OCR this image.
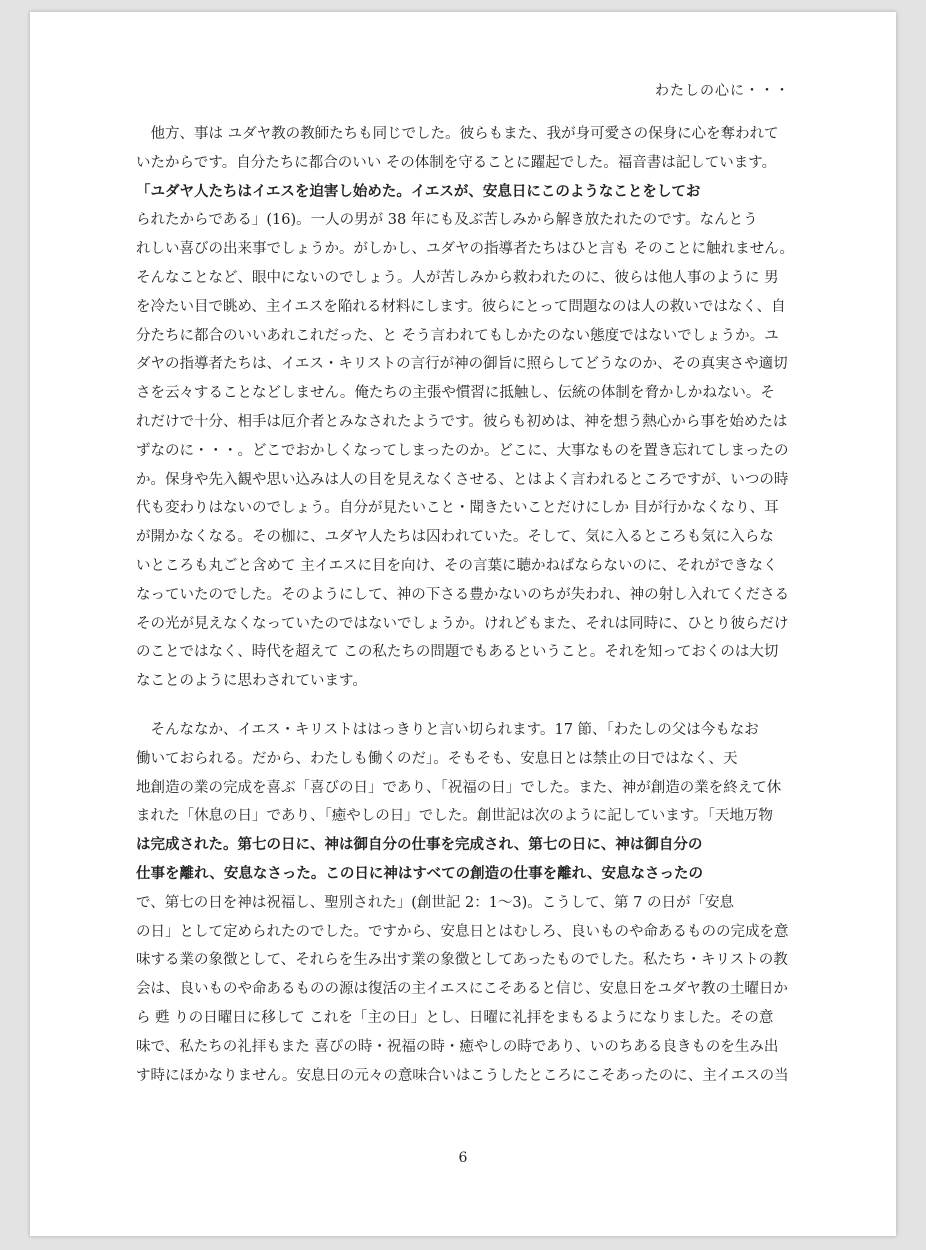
わたしの心に・・・
　他方、事は ユダヤ教の教師たちも同じでした。彼らもまた、我が身可愛さの保身に心を奪われて
いたからです。自分たちに都合のいい その体制を守ることに躍起でした。福音書は記しています。
「ユダヤ人たちはイエスを迫害し始めた。イエスが、安息日にこのようなことをしてお
られたからである」(16)。一人の男が 38 年にも及ぶ苦しみから解き放たれたのです。なんとう
れしい喜びの出来事でしょうか。がしかし、ユダヤの指導者たちはひと言も そのことに触れません。
そんなことなど、眼中にないのでしょう。人が苦しみから救われたのに、彼らは他人事のように 男
を冷たい目で眺め、主イエスを陥れる材料にします。彼らにとって問題なのは人の救いではなく、自
分たちに都合のいいあれこれだった、と そう言われてもしかたのない態度ではないでしょうか。ユ
ダヤの指導者たちは、イエス・キリストの言行が神の御旨に照らしてどうなのか、その真実さや適切
さを云々することなどしません。俺たちの主張や慣習に抵触し、伝統の体制を脅かしかねない。そ
れだけで十分、相手は厄介者とみなされたようです。彼らも初めは、神を想う熱心から事を始めたは
ずなのに・・・。どこでおかしくなってしまったのか。どこに、大事なものを置き忘れてしまったの
か。保身や先入観や思い込みは人の目を見えなくさせる、とはよく言われるところですが、いつの時
代も変わりはないのでしょう。自分が見たいこと・聞きたいことだけにしか 目が行かなくなり、耳
が開かなくなる。その枷に、ユダヤ人たちは囚われていた。そして、気に入るところも気に入らな
いところも丸ごと含めて 主イエスに目を向け、その言葉に聴かねばならないのに、それができなく
なっていたのでした。そのようにして、神の下さる豊かないのちが失われ、神の射し入れてくださる
その光が見えなくなっていたのではないでしょうか。けれどもまた、それは同時に、ひとり彼らだけ
のことではなく、時代を超えて この私たちの問題でもあるということ。それを知っておくのは大切
なことのように思わされています。
　そんななか、イエス・キリストははっきりと言い切られます。17 節、「わたしの父は今もなお
働いておられる。だから、わたしも働くのだ」。そもそも、安息日とは禁止の日ではなく、天
地創造の業の完成を喜ぶ「喜びの日」であり、「祝福の日」でした。また、神が創造の業を終えて休
まれた「休息の日」であり、「癒やしの日」でした。創世記は次のように記しています。「天地万物
は完成された。第七の日に、神は御自分の仕事を完成され、第七の日に、神は御自分の
仕事を離れ、安息なさった。この日に神はすべての創造の仕事を離れ、安息なさったの
で、第七の日を神は祝福し、聖別された」(創世記 2：1〜3)。こうして、第 7 の日が「安息
の日」として定められたのでした。ですから、安息日とはむしろ、良いものや命あるものの完成を意
味する業の象徴として、それらを生み出す業の象徴としてあったものでした。私たち・キリストの教
会は、良いものや命あるものの源は復活の主イエスにこそあると信じ、安息日をユダヤ教の土曜日か
ら 甦 りの日曜日に移して これを「主の日」とし、日曜に礼拝をまもるようになりました。その意
味で、私たちの礼拝もまた 喜びの時・祝福の時・癒やしの時であり、いのちある良きものを生み出
す時にほかなりません。安息日の元々の意味合いはこうしたところにこそあったのに、主イエスの当
6
